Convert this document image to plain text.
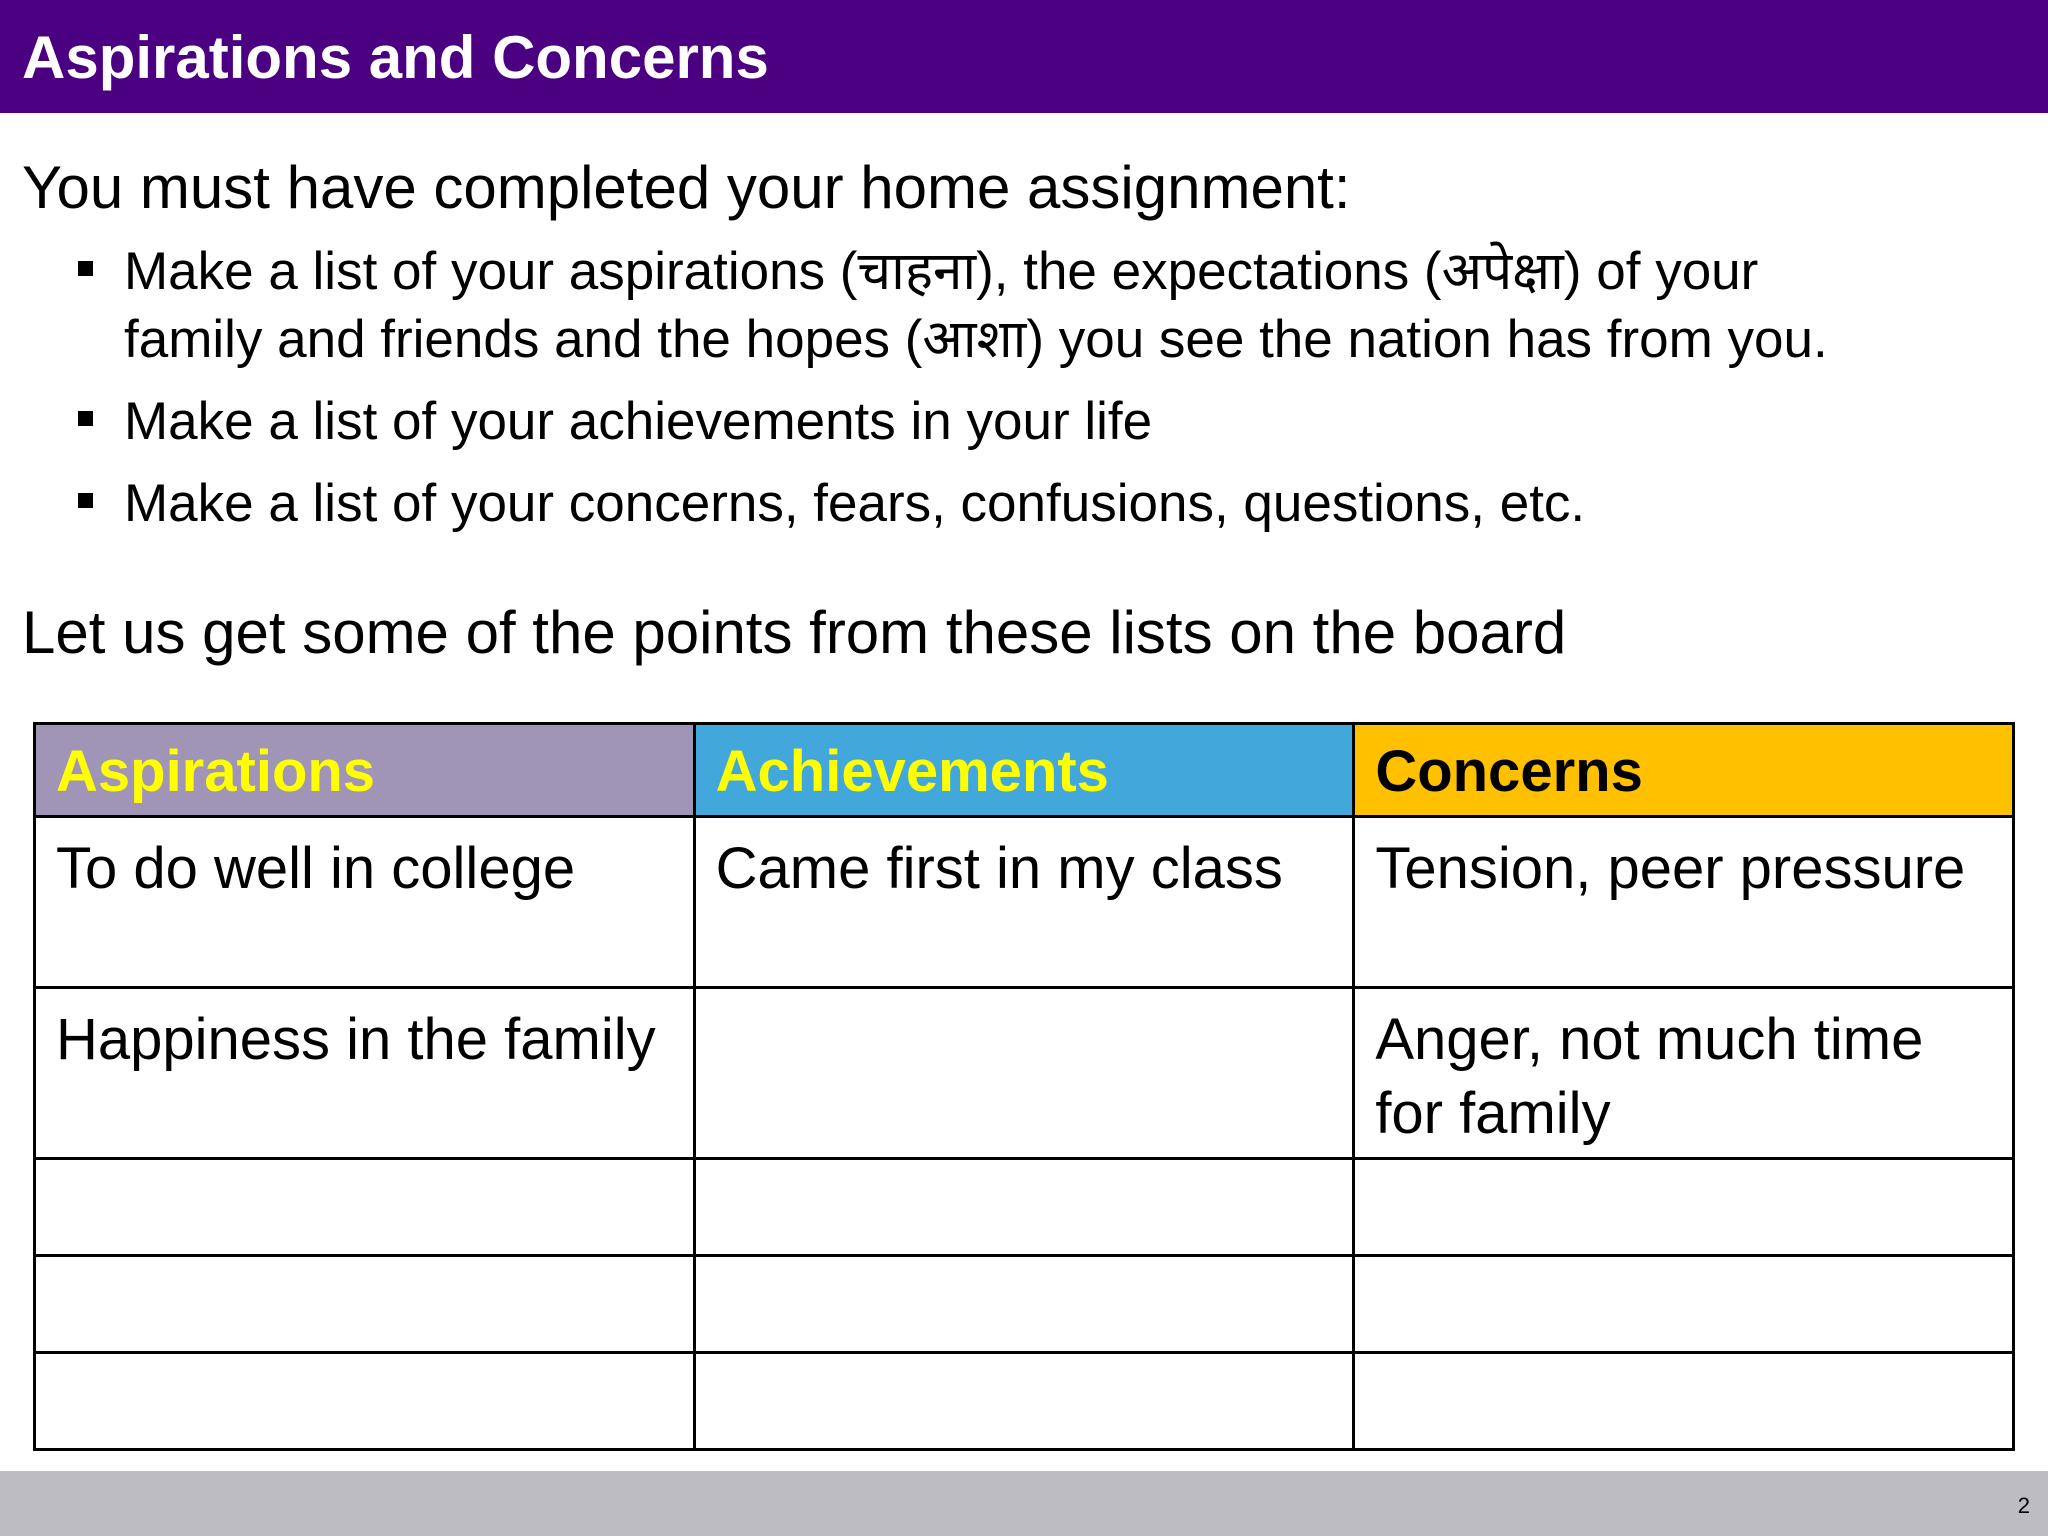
Aspirations and Concerns
You must have completed your home assignment:
Make a list of your aspirations (चाहना), the expectations (अपेक्षा) of your
family and friends and the hopes (आशा) you see the nation has from you.
Make a list of your achievements in your life
Make a list of your concerns, fears, confusions, questions, etc.
Let us get some of the points from these lists on the board
Aspirations	Achievements	Concerns
To do well in college	Came first in my class	Tension, peer pressure
Happiness in the family		Anger, not much time for family

2
